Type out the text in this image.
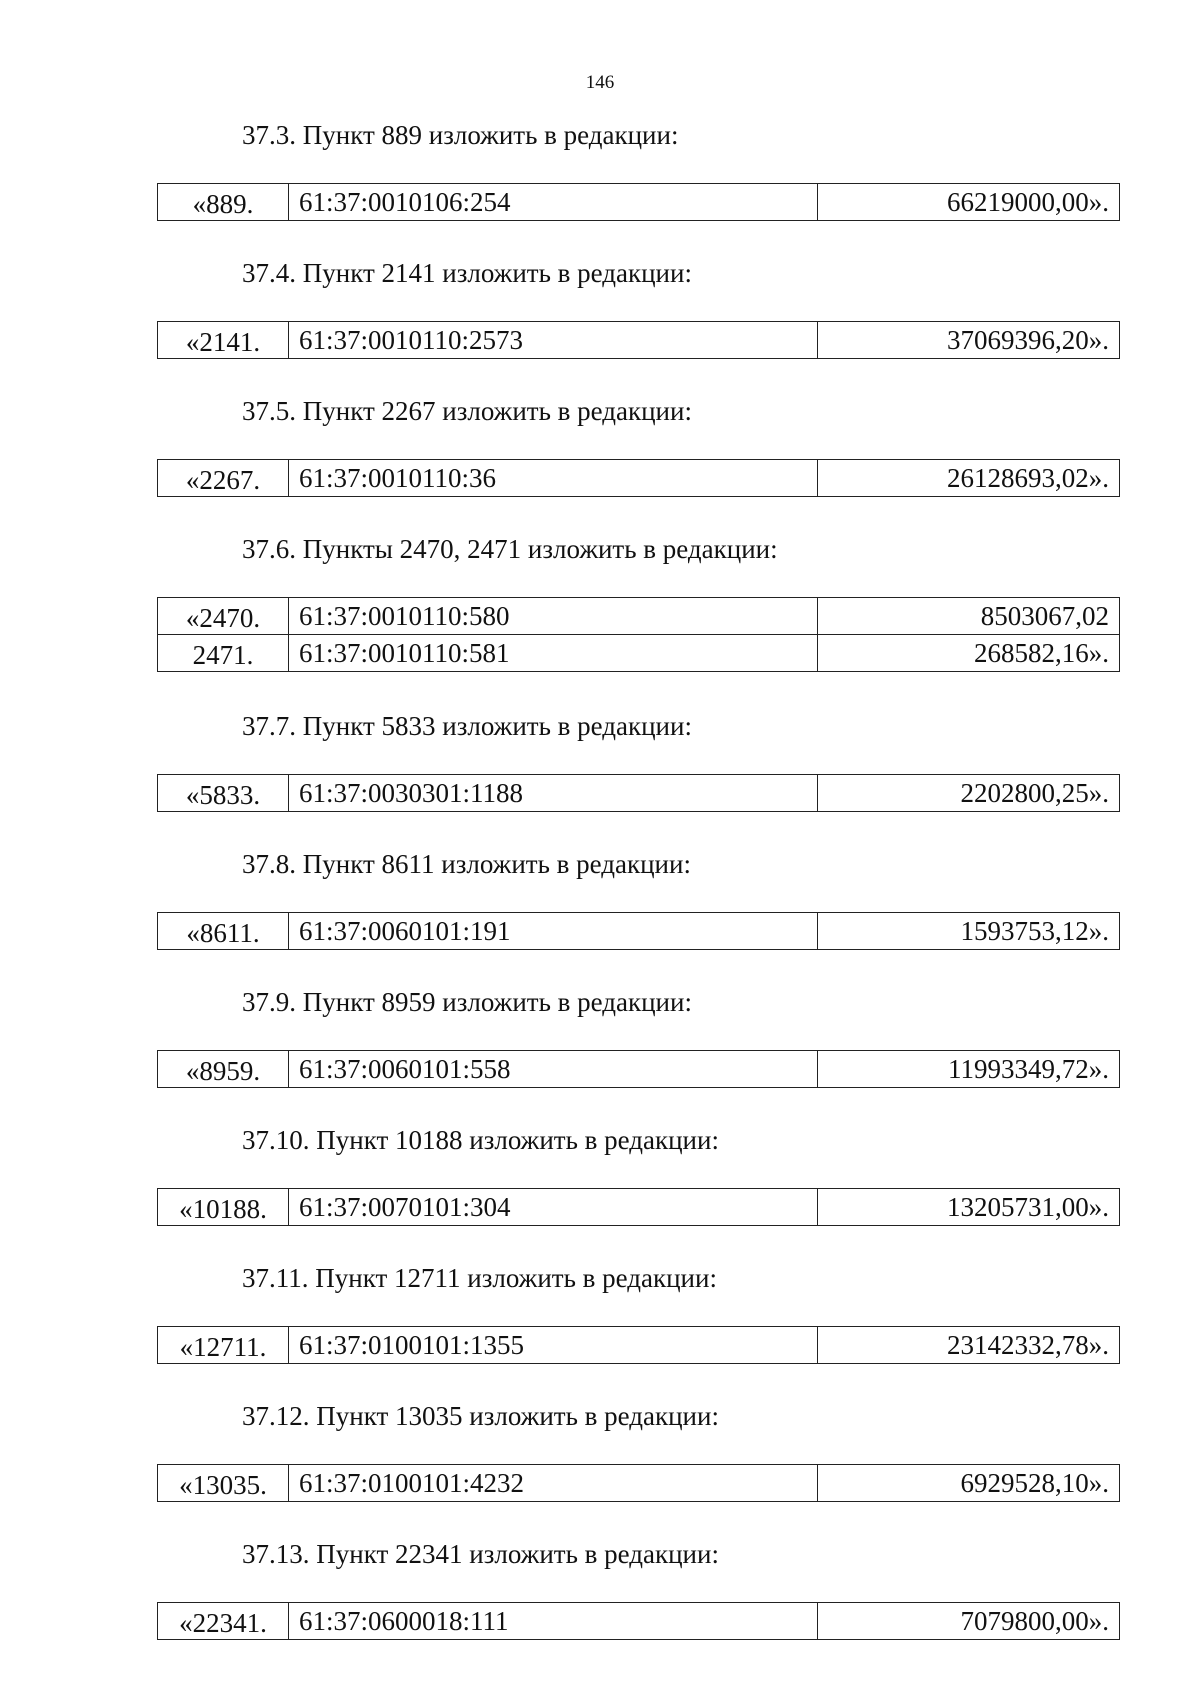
146
37.3. Пункт 889 изложить в редакции:
«889.	61:37:0010106:254	66219000,00».
37.4. Пункт 2141 изложить в редакции:
«2141.	61:37:0010110:2573	37069396,20».
37.5. Пункт 2267 изложить в редакции:
«2267.	61:37:0010110:36	26128693,02».
37.6. Пункты 2470, 2471 изложить в редакции:
«2470.	61:37:0010110:580	8503067,02
2471.	61:37:0010110:581	268582,16».
37.7. Пункт 5833 изложить в редакции:
«5833.	61:37:0030301:1188	2202800,25».
37.8. Пункт 8611 изложить в редакции:
«8611.	61:37:0060101:191	1593753,12».
37.9. Пункт 8959 изложить в редакции:
«8959.	61:37:0060101:558	11993349,72».
37.10. Пункт 10188 изложить в редакции:
«10188.	61:37:0070101:304	13205731,00».
37.11. Пункт 12711 изложить в редакции:
«12711.	61:37:0100101:1355	23142332,78».
37.12. Пункт 13035 изложить в редакции:
«13035.	61:37:0100101:4232	6929528,10».
37.13. Пункт 22341 изложить в редакции:
«22341.	61:37:0600018:111	7079800,00».
